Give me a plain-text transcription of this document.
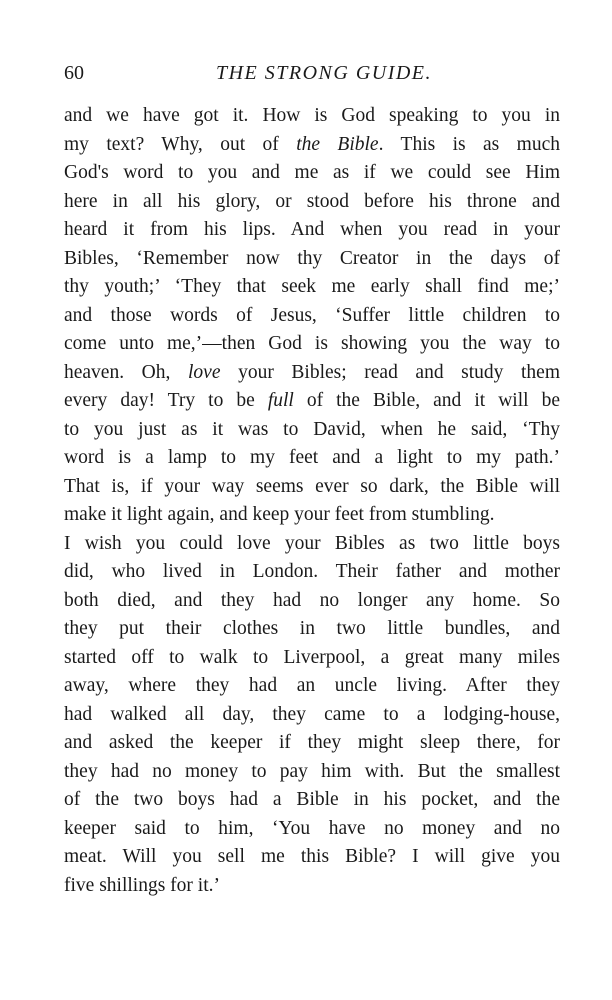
60	THE STRONG GUIDE.
and we have got it. How is God speaking to you in
my text? Why, out of the Bible. This is as much
God's word to you and me as if we could see Him
here in all his glory, or stood before his throne and
heard it from his lips. And when you read in your
Bibles, ‘Remember now thy Creator in the days of
thy youth;’ ‘They that seek me early shall find me;’
and those words of Jesus, ‘Suffer little children to
come unto me,’—then God is showing you the way to
heaven. Oh, love your Bibles; read and study them
every day! Try to be full of the Bible, and it will be
to you just as it was to David, when he said, ‘Thy
word is a lamp to my feet and a light to my path.’
That is, if your way seems ever so dark, the Bible will
make it light again, and keep your feet from stumbling.
I wish you could love your Bibles as two little boys
did, who lived in London. Their father and mother
both died, and they had no longer any home. So
they put their clothes in two little bundles, and
started off to walk to Liverpool, a great many miles
away, where they had an uncle living. After they
had walked all day, they came to a lodging-house,
and asked the keeper if they might sleep there, for
they had no money to pay him with. But the smallest
of the two boys had a Bible in his pocket, and the
keeper said to him, ‘You have no money and no
meat. Will you sell me this Bible? I will give you
five shillings for it.’
